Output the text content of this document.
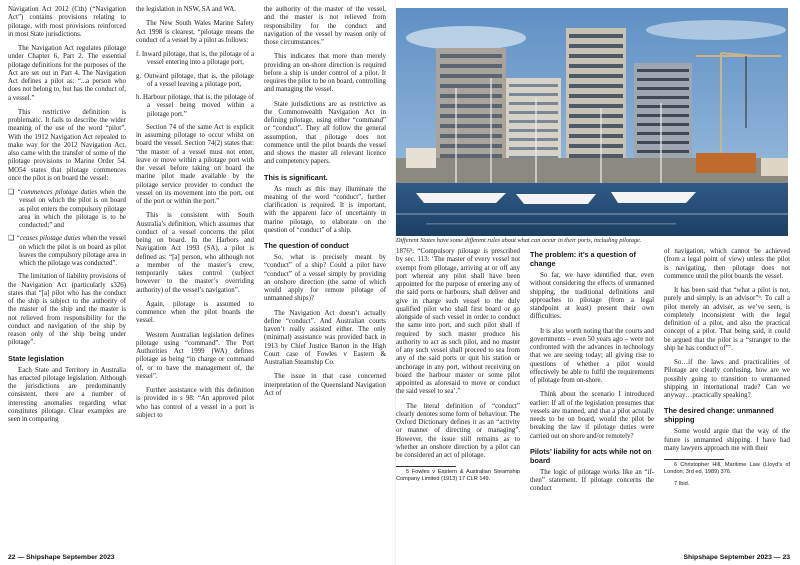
Navigation Act 2012 (Cth) (“Navigation Act”) contains provisions relating to pilotage, with most provisions reinforced in most State jurisdictions.

The Navigation Act regulates pilotage under Chapter 6, Part 2. The essential pilotage definitions for the purposes of the Act are set out in Part 4. The Navigation Act defines a pilot as: “...a person who does not belong to, but has the conduct of, a vessel.”

This restrictive definition is problematic. It fails to describe the wider meaning of the use of the word “pilot”. With the 1912 Navigation Act repealed to make way for the 2012 Navigation Act, also came with the transfer of some of the pilotage provisions to Marine Order 54. MO54 states that pilotage commences once the pilot is on board the vessel:

❑ “commences pilotage duties when the vessel on which the pilot is on board as pilot enters the compulsory pilotage area in which the pilotage is to be conducted;” and
❑ “ceases pilotage duties when the vessel on which the pilot is on board as pilot leaves the compulsory pilotage area in which the pilotage was conducted”.

The limitation of liability provisions of the Navigation Act (particularly s326) states that “[a] pilot who has the conduct of the ship is subject to the authority of the master of the ship and the master is not relieved from responsibility for the conduct and navigation of the ship by reason only of the ship being under pilotage”.

State legislation

Each State and Territory in Australia has enacted pilotage legislation. Although the jurisdictions are predominantly consistent, there are a number of interesting anomalies regarding what constitutes pilotage. Clear examples are seen in comparing

the legislation in NSW, SA and WA.

The New South Wales Marine Safety Act 1998 is clearest, “pilotage means the conduct of a vessel by a pilot as follows:

f. Inward pilotage, that is, the pilotage of a vessel entering into a pilotage port,
g. Outward pilotage, that is, the pilotage of a vessel leaving a pilotage port,
h. Harbour pilotage, that is, the pilotage of a vessel being moved within a pilotage port.”

Section 74 of the same Act is explicit in assuming pilotage to occur whilst on board the vessel. Section 74(2) states that: “the master of a vessel must not enter, leave or move within a pilotage port with the vessel before taking on board the marine pilot made available by the pilotage service provider to conduct the vessel on its movement into the port, out of the port or within the port.”

This is consistent with South Australia’s definition, which assumes that conduct of a vessel concerns the pilot being on board. In the Harbors and Navigation Act 1993 (SA), a pilot is defined as: “[a] person, who although not a member of the master’s crew, temporarily takes control (subject however to the master’s overriding authority) of the vessel’s navigation”.

Again, pilotage is assumed to commence when the pilot boards the vessel.

Western Australian legislation defines pilotage using “command”. The Port Authorities Act 1999 (WA) defines pilotage as being “in charge or command of, or to have the management of, the vessel”.

Further assistance with this definition is provided in s 98: “An approved pilot who has control of a vessel in a port is subject to

the authority of the master of the vessel, and the master is not relieved from responsibility for the conduct and navigation of the vessel by reason only of those circumstances.”

This indicates that more than merely providing an on-shore direction is required before a ship is under control of a pilot. It requires the pilot to be on board, controlling and managing the vessel.

State jurisdictions are as restrictive as the Commonwealth Navigation Act in defining pilotage, using either “command” or “conduct”. They all follow the general assumption, that pilotage does not commence until the pilot boards the vessel and shows the master all relevant licence and competency papers.

This is significant.

As much as this may illuminate the meaning of the word “conduct”, further clarification is required. It is important, with the apparent face of uncertainty in marine pilotage, to elaborate on the question of “conduct” of a ship.

The question of conduct

So, what is precisely meant by “conduct” of a ship? Could a pilot have “conduct” of a vessel simply by providing an onshore direction (the same of which would apply for remote pilotage of unmanned ships)?

The Navigation Act doesn’t actually define “conduct”. And Australian courts haven’t really assisted either. The only (minimal) assistance was provided back in 1913 by Chief Justice Barton in the High Court case of Fowles v Eastern & Australian Steamship Co.

The issue in that case concerned interpretation of the Queensland Navigation Act of

Different States have some different rules about what can occur in their ports, including pilotage.

1876⁵: “Compulsory pilotage is prescribed by sec. 113: ‘The master of every vessel not exempt from pilotage, arriving at or off any port whereat any pilot shall have been appointed for the purpose of entering any of the said ports or harbours, shall deliver and give in charge such vessel to the duly qualified pilot who shall first board or go alongside of such vessel in order to conduct the same into port, and such pilot shall if required by such master produce his authority to act as such pilot, and no master of any such vessel shall proceed to sea from any of the said ports or quit his station or anchorage in any port, without receiving on board the harbour master or some pilot appointed as aforesaid to move or conduct the said vessel to sea’.”

The literal definition of “conduct” clearly denotes some form of behaviour. The Oxford Dictionary defines it as an “activity or manner of directing or managing”. However, the issue still remains as to whether an onshore direction by a pilot can be considered an act of pilotage.

5 Fowles v Eastern & Australian Steamship Company Limited (1913) 17 CLR 149.

The problem: it’s a question of change

So far, we have identified that, even without considering the effects of unmanned shipping, the traditional definitions and approaches to pilotage (from a legal standpoint at least) present their own difficulties.

It is also worth noting that the courts and governments – even 50 years ago – were not confronted with the advances in technology that we are seeing today; all giving rise to questions of whether a pilot would effectively be able to fulfil the requirements of pilotage from on-shore.

Think about the scenario I introduced earlier: If all of the legislation presumes that vessels are manned, and that a pilot actually needs to be on board, would the pilot be breaking the law if pilotage duties were carried out on shore and/or remotely?

Pilots’ liability for acts while not on board

The logic of pilotage works like an “if-then” statement. If pilotage concerns the conduct

of navigation, which cannot be achieved (from a legal point of view) unless the pilot is navigating, then pilotage does not commence until the pilot boards the vessel.

It has been said that “what a pilot is not, purely and simply, is an advisor”⁶. To call a pilot merely an adviser, as we’ve seen, is completely inconsistent with the legal definition of a pilot, and also the practical concept of a pilot. That being said, it could be argued that the pilot is a “stranger to the ship he has conduct of”⁷.

So…if the laws and practicalities of Pilotage are clearly confusing, how are we possibly going to transition to unmanned shipping in international trade? Can we anyway…practically speaking?

The desired change: unmanned shipping

Some would argue that the way of the future is unmanned shipping. I have had many lawyers approach me with their

6 Christopher Hill, Maritime Law (Lloyd’s of London, 3rd ed, 1989) 376.

7 Ibid.

22 — Shipshape September 2023	Shipshape September 2023 — 23
